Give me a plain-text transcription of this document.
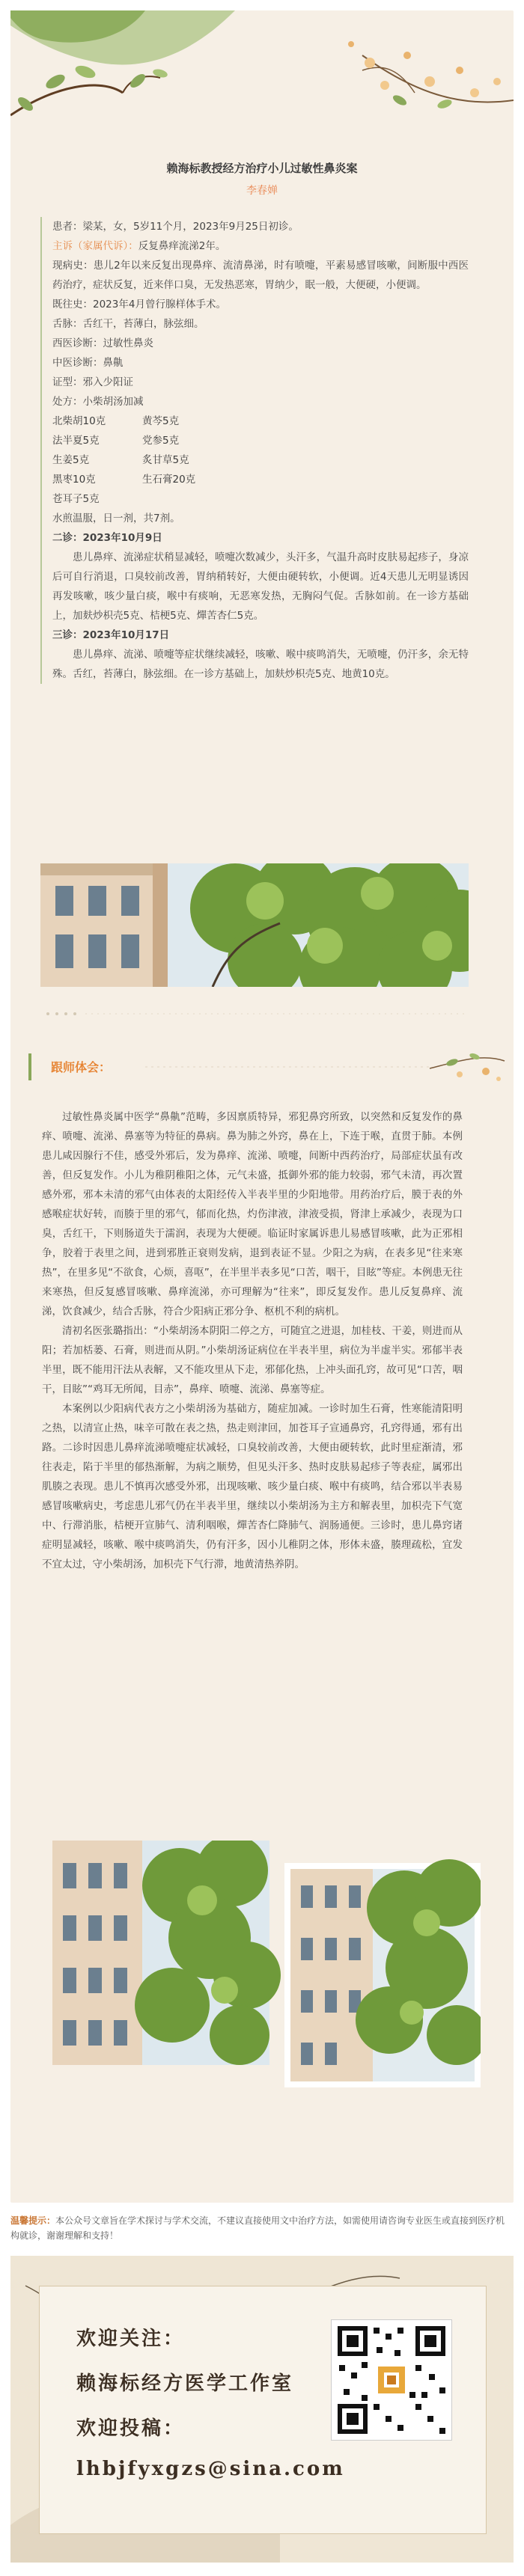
赖海标教授经方治疗小儿过敏性鼻炎案
李春婵

患者：梁某，女，5岁11个月，2023年9月25日初诊。

主诉（家属代诉）：反复鼻痒流涕2年。

现病史：患儿2年以来反复出现鼻痒、流清鼻涕，时有喷嚏，平素易感冒咳嗽，间断服中西医药治疗，症状反复，近来伴口臭，无发热恶寒，胃纳少，眠一般，大便硬，小便调。

既往史：2023年4月曾行腺样体手术。

舌脉：舌红干，苔薄白，脉弦细。

西医诊断：过敏性鼻炎

中医诊断：鼻鼽

证型：邪入少阳证

处方：小柴胡汤加减

北柴胡10克	黄芩5克
法半夏5克	党参5克
生姜5克	炙甘草5克
黑枣10克	生石膏20克

苍耳子5克

水煎温服，日一剂，共7剂。

二诊：2023年10月9日

患儿鼻痒、流涕症状稍显减轻，喷嚏次数减少，头汗多，气温升高时皮肤易起疹子，身凉后可自行消退，口臭较前改善，胃纳稍转好，大便由硬转软，小便调。近4天患儿无明显诱因再发咳嗽，咳少量白痰，喉中有痰响，无恶寒发热，无胸闷气促。舌脉如前。在一诊方基础上，加麸炒枳壳5克、桔梗5克、燀苦杏仁5克。

三诊：2023年10月17日

患儿鼻痒、流涕、喷嚏等症状继续减轻，咳嗽、喉中痰鸣消失，无喷嚏，仍汗多，余无特殊。舌红，苔薄白，脉弦细。在一诊方基础上，加麸炒枳壳5克、地黄10克。

跟师体会：

过敏性鼻炎属中医学“鼻鼽”范畴，多因禀质特异，邪犯鼻窍所致，以突然和反复发作的鼻痒、喷嚏、流涕、鼻塞等为特征的鼻病。鼻为肺之外窍，鼻在上，下连于喉，直贯于肺。本例患儿咸因腺行不佳，感受外邪后，发为鼻痒、流涕、喷嚏，间断中西药治疗，局部症状虽有改善，但反复发作。小儿为稚阴稚阳之体，元气未盛，抵御外邪的能力较弱，邪气未清，再次置感外邪，邪本未清的邪气由体表的太阳经传入半表半里的少阳地带。用药治疗后，膜于表的外感喉症状好转，而腠于里的邪气，郁而化热，灼伤津液，津液受损，肾津上承减少，表现为口臭，舌红干，下则肠道失于濡润，表现为大便硬。临证时家属诉患儿易感冒咳嗽，此为正邪相争，胶着于表里之间，进到邪胜正衰则发病，退到表证不显。少阳之为病，在表多见“往来寒热”，在里多见“不欲食，心烦，喜呕”，在半里半表多见“口苦，咽干，目眩”等症。本例患无往来寒热，但反复感冒咳嗽、鼻痒流涕，亦可理解为“往来”，即反复发作。患儿反复鼻痒、流涕，饮食减少，结合舌脉，符合少阳病正邪分争、枢机不利的病机。

清初名医张璐指出：“小柴胡汤本阴阳二停之方，可随宜之进退，加桂枝、干姜，则进而从阳；若加栝蒌、石膏，则进而从阴。”小柴胡汤证病位在半表半里，病位为半虚半实。邪郁半表半里，既不能用汗法从表解，又不能攻里从下走，邪郁化热，上冲头面孔窍，故可见“口苦，咽干，目眩”“鸡耳无所闻，目赤”，鼻痒、喷嚏、流涕、鼻塞等症。

本案例以少阳病代表方之小柴胡汤为基础方，随症加减。一诊时加生石膏，性寒能清阳明之热，以清宣止热，味辛可散在表之热，热走则津回，加苍耳子宣通鼻窍，孔窍得通，邪有出路。二诊时因患儿鼻痒流涕喷嚏症状减轻，口臭较前改善，大便由硬转软，此时里症渐清，邪往表走，陷于半里的郁热渐解，为病之顺势，但见头汗多、热时皮肤易起疹子等表症，属邪出肌腠之表现。患儿不慎再次感受外邪，出现咳嗽、咳少量白痰、喉中有痰鸣，结合邪以半表易感冒咳嗽病史，考虑患儿邪气仍在半表半里，继续以小柴胡汤为主方和解表里，加枳壳下气宽中、行滞消胀，桔梗开宣肺气、清利咽喉，燀苦杏仁降肺气、润肠通便。三诊时，患儿鼻窍诸症明显减轻，咳嗽、喉中痰鸣消失，仍有汗多，因小儿稚阴之体，形体未盛，腠理疏松，宜发不宜太过，守小柴胡汤，加枳壳下气行滞，地黄清热养阴。

温馨提示：本公众号文章旨在学术探讨与学术交流，不建议直接使用文中治疗方法，如需使用请咨询专业医生或直接到医疗机构就诊，谢谢理解和支持！
欢迎关注：
赖海标经方医学工作室
欢迎投稿：
lhbjfyxgzs@sina.com
